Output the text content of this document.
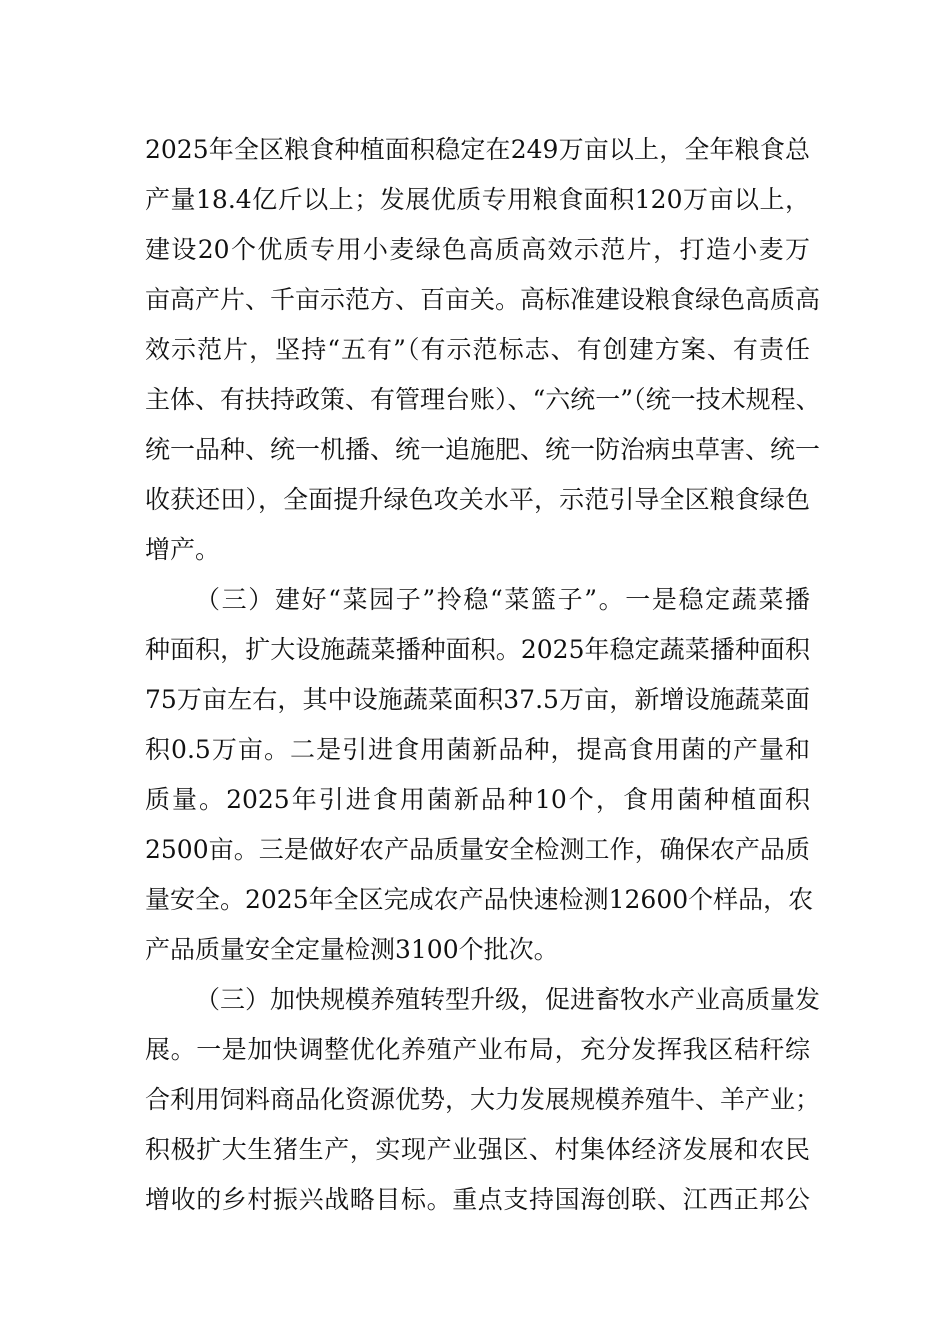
2025年全区粮食种植面积稳定在249万亩以上，全年粮食总
产量18.4亿斤以上；发展优质专用粮食面积120万亩以上，
建设20个优质专用小麦绿色高质高效示范片，打造小麦万
亩高产片、千亩示范方、百亩关。高标准建设粮食绿色高质高
效示范片，坚持“五有”（有示范标志、有创建方案、有责任
主体、有扶持政策、有管理台账）、“六统一”（统一技术规程、
统一品种、统一机播、统一追施肥、统一防治病虫草害、统一
收获还田），全面提升绿色攻关水平，示范引导全区粮食绿色
增产。
（三）建好“菜园子”拎稳“菜篮子”。一是稳定蔬菜播
种面积，扩大设施蔬菜播种面积。2025年稳定蔬菜播种面积
75万亩左右，其中设施蔬菜面积37.5万亩，新增设施蔬菜面
积0.5万亩。二是引进食用菌新品种，提高食用菌的产量和
质量。2025年引进食用菌新品种10个，食用菌种植面积
2500亩。三是做好农产品质量安全检测工作，确保农产品质
量安全。2025年全区完成农产品快速检测12600个样品，农
产品质量安全定量检测3100个批次。
（三）加快规模养殖转型升级，促进畜牧水产业高质量发
展。一是加快调整优化养殖产业布局，充分发挥我区秸秆综
合利用饲料商品化资源优势，大力发展规模养殖牛、羊产业；
积极扩大生猪生产，实现产业强区、村集体经济发展和农民
增收的乡村振兴战略目标。重点支持国海创联、江西正邦公
